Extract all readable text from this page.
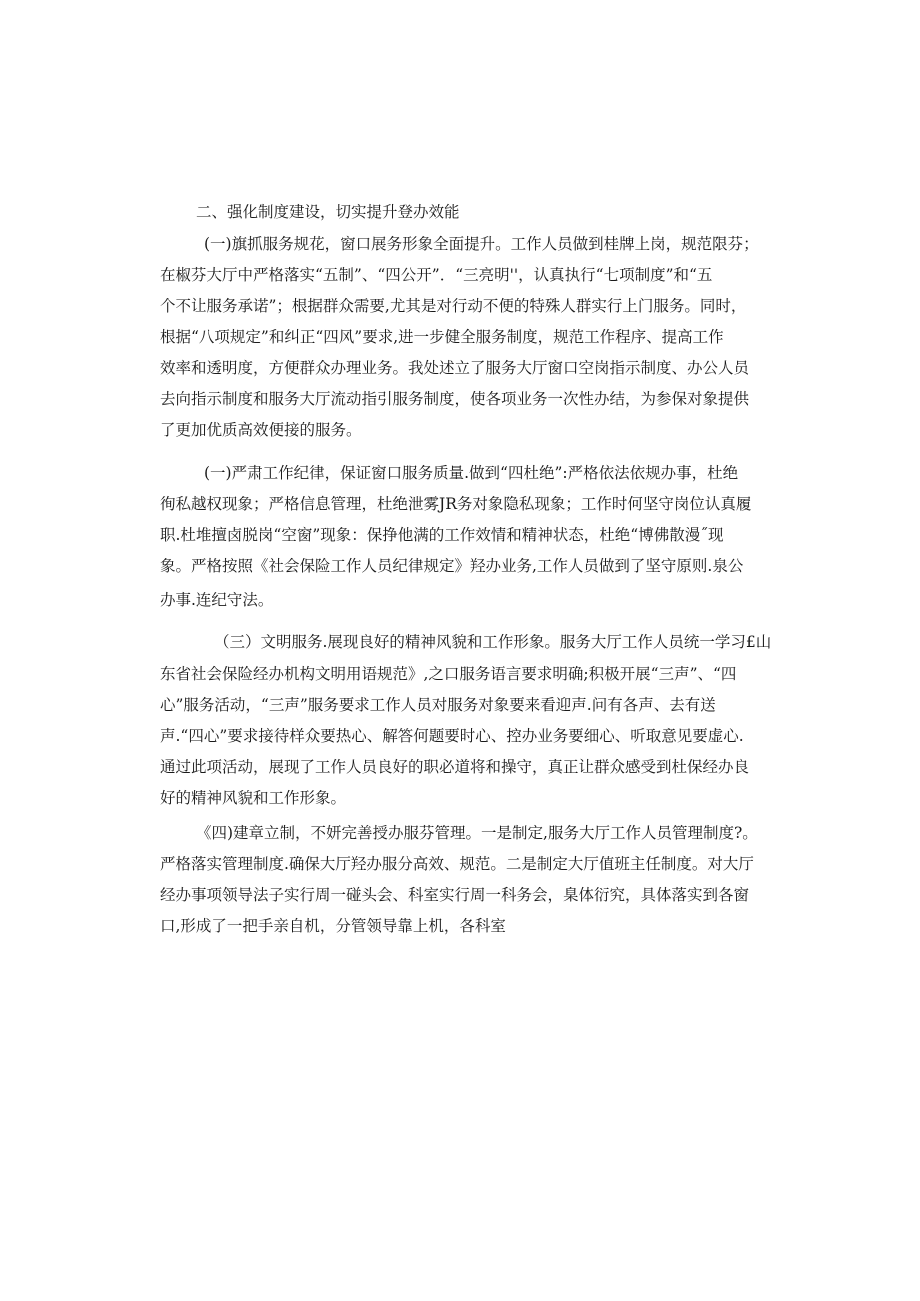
二、强化制度建设，切实提升登办效能
(一)旗抓服务规花，窗口展务形象全面提升。工作人员做到桂牌上岗，规范限芬；
在椒芬大厅中严格落实“五制”、“四公开”．“三亮明''，认真执行“七项制度”和“五
个不让服务承诺”；根据群众需要,尤其是对行动不便的特殊人群实行上门服务。同时，
根据“八项规定”和纠正“四风”要求,进一步健全服务制度，规范工作程序、提高工作
效率和透明度，方便群众办理业务。我处述立了服务大厅窗口空岗指示制度、办公人员
去向指示制度和服务大厅流动指引服务制度，使各项业务一次性办结，为参保对象提供
了更加优质高效便接的服务。
(一)严肃工作纪律，保证窗口服务质量.做到“四杜绝”:严格依法依规办事，杜绝
徇私越权现象；严格信息管理，杜绝泄雾JR务对象隐私现象；工作时何坚守岗位认真履
职.杜堆擅卤脱岗“空窗”现象：保挣他满的工作效情和精神状态，杜绝“博佛散漫˝现
象。严格按照《社会保险工作人员纪律规定》羟办业务,工作人员做到了坚守原则.泉公
办事.连纪守法。
（三）文明服务.展现良好的精神风貌和工作形象。服务大厅工作人员统一学习£山
东省社会保险经办机构文明用语规范》,之口服务语言要求明确;积极开展“三声”、“四
心”服务活动，“三声”服务要求工作人员对服务对象要来看迎声.问有各声、去有送
声.“四心”要求接待样众要热心、解答何题要时心、控办业务要细心、听取意见要虚心.
通过此项活动，展现了工作人员良好的职必道将和操守，真正让群众感受到杜保经办良
好的精神风貌和工作形象。
《四)建章立制，不妍完善授办服芬管理。一是制定,服务大厅工作人员管理制度?。
严格落实管理制度.确保大厅羟办服分高效、规范。二是制定大厅值班主任制度。对大厅
经办事项领导法子实行周一碰头会、科室实行周一科务会，臬体衍究，具体落实到各窗
口,形成了一把手亲自机，分管领导靠上机，各科室
